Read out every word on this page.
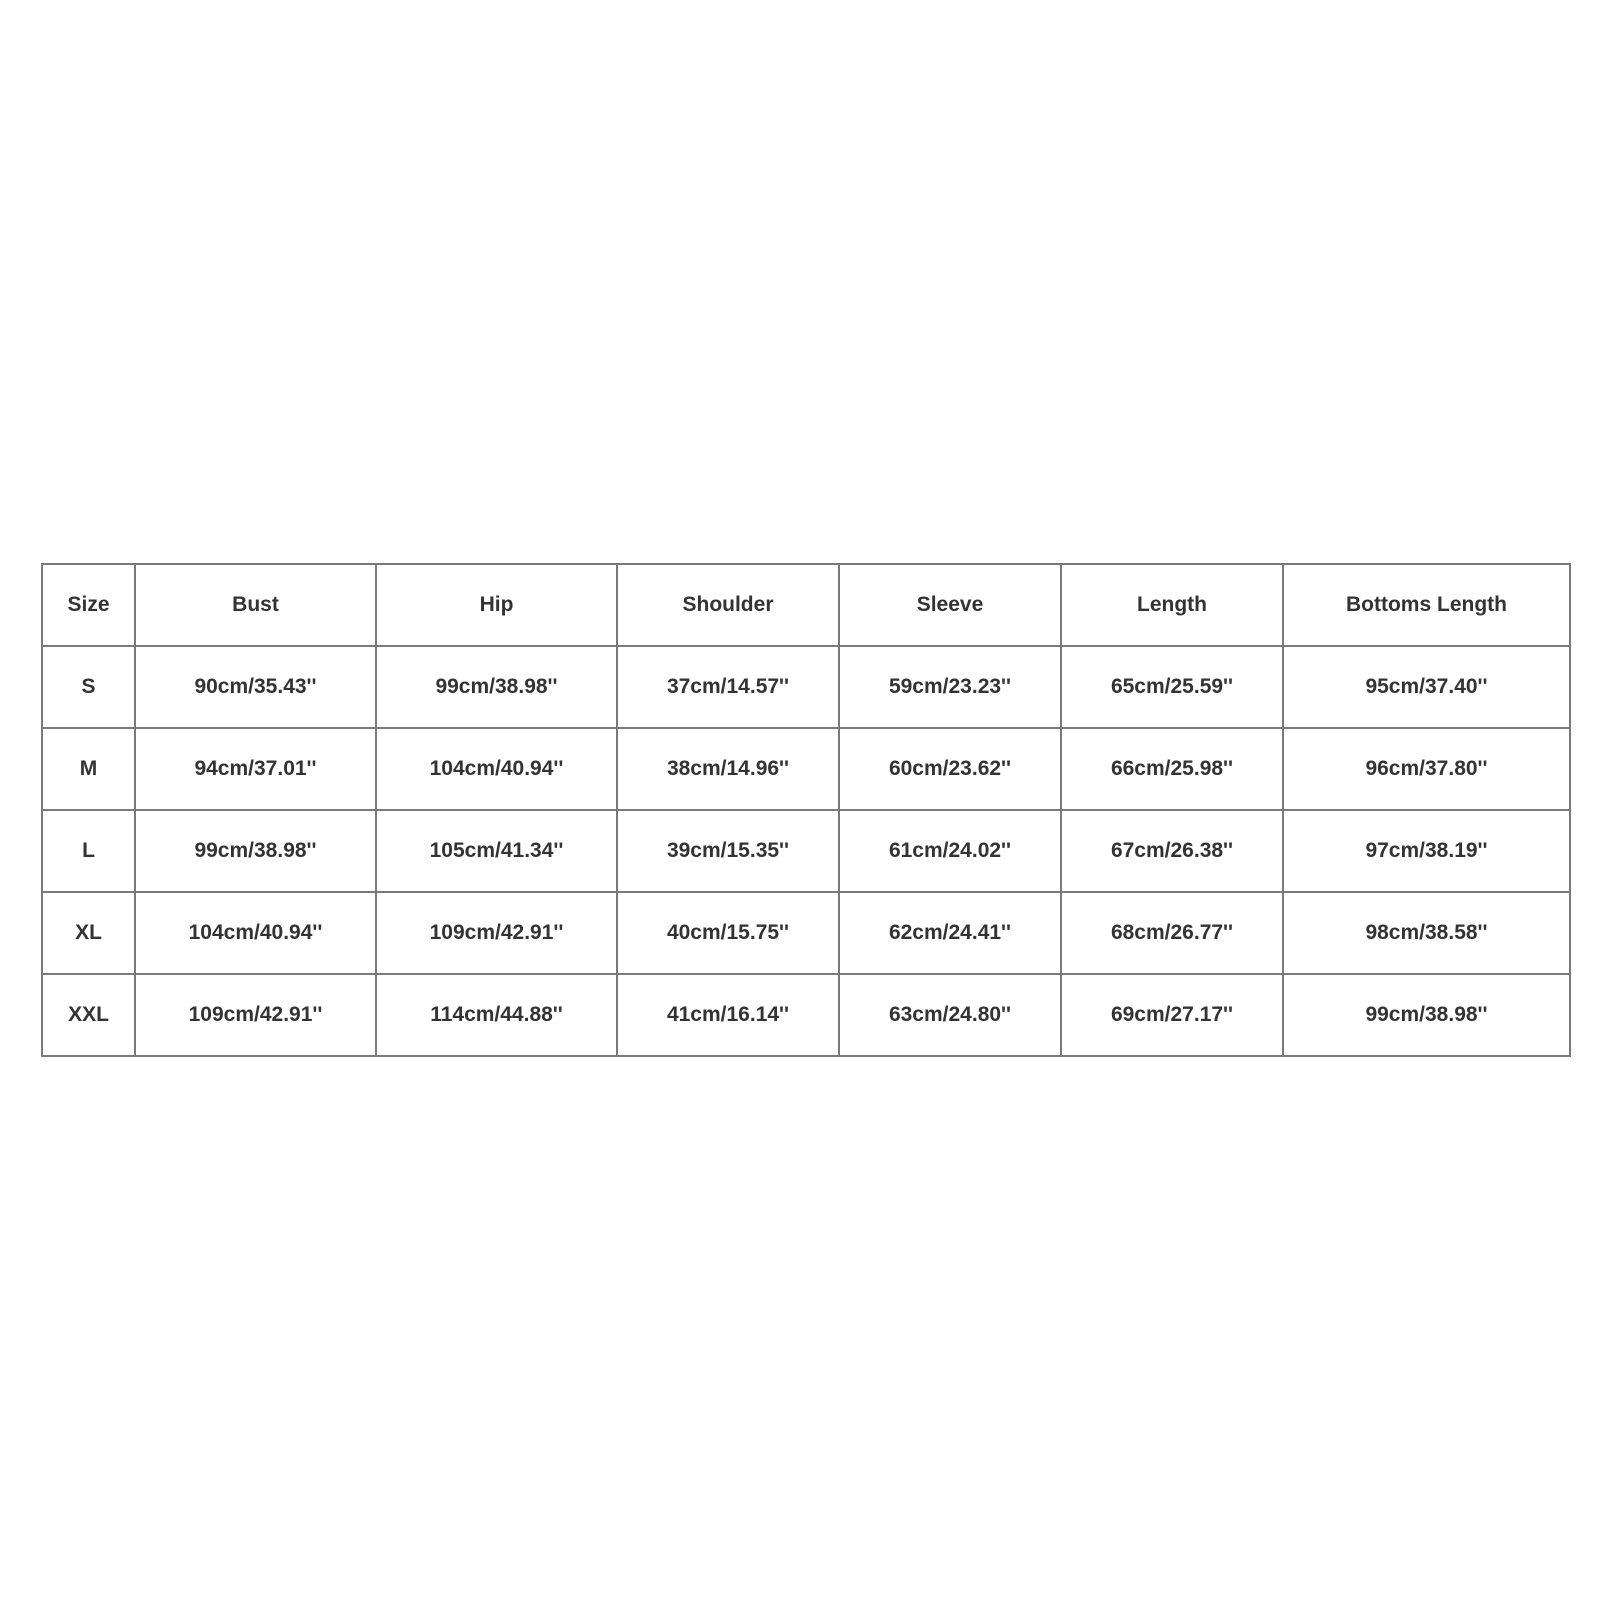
Size	Bust	Hip	Shoulder	Sleeve	Length	Bottoms Length
S	90cm/35.43''	99cm/38.98''	37cm/14.57''	59cm/23.23''	65cm/25.59''	95cm/37.40''
M	94cm/37.01''	104cm/40.94''	38cm/14.96''	60cm/23.62''	66cm/25.98''	96cm/37.80''
L	99cm/38.98''	105cm/41.34''	39cm/15.35''	61cm/24.02''	67cm/26.38''	97cm/38.19''
XL	104cm/40.94''	109cm/42.91''	40cm/15.75''	62cm/24.41''	68cm/26.77''	98cm/38.58''
XXL	109cm/42.91''	114cm/44.88''	41cm/16.14''	63cm/24.80''	69cm/27.17''	99cm/38.98''
